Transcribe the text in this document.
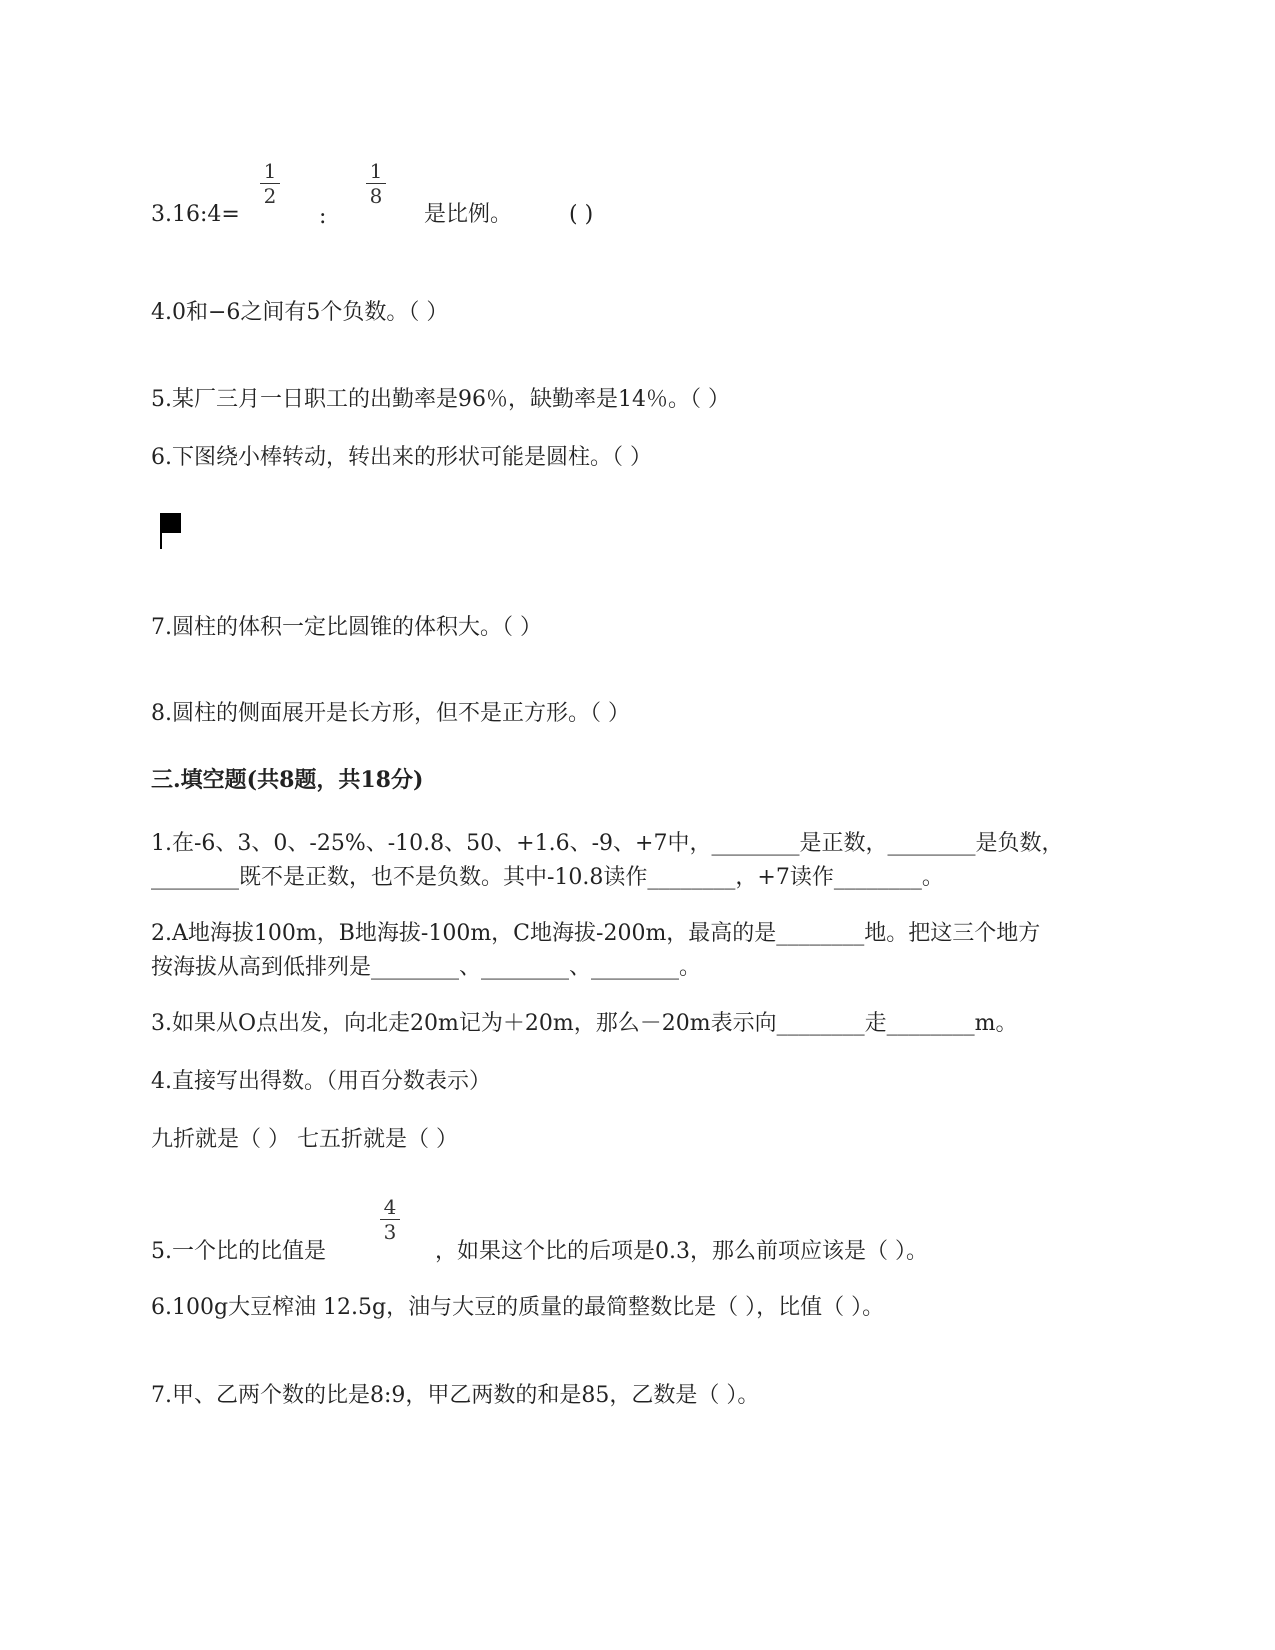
3.16:4=
1
2
:
1
8
是比例。	( )
4.0和−6之间有5个负数。（ ）
5.某厂三月一日职工的出勤率是96％，缺勤率是14％。（ ）
6.下图绕小棒转动，转出来的形状可能是圆柱。（ ）
7.圆柱的体积一定比圆锥的体积大。（ ）
8.圆柱的侧面展开是长方形，但不是正方形。（ ）
三.填空题(共8题，共18分)
1.在-6、3、0、-25%、-10.8、50、+1.6、-9、+7中，________是正数，________是负数，
________既不是正数，也不是负数。其中-10.8读作________，+7读作________。
2.A地海拔100m，B地海拔-100m，C地海拔-200m，最高的是________地。把这三个地方
按海拔从高到低排列是________、________、________。
3.如果从O点出发，向北走20m记为＋20m，那么－20m表示向________走________m。
4.直接写出得数。（用百分数表示）
九折就是（ ） 七五折就是（ ）
5.一个比的比值是
4
3
，如果这个比的后项是0.3，那么前项应该是（ ）。
6.100g大豆榨油 12.5g，油与大豆的质量的最简整数比是（ ），比值（ ）。
7.甲、乙两个数的比是8:9，甲乙两数的和是85，乙数是（ ）。
